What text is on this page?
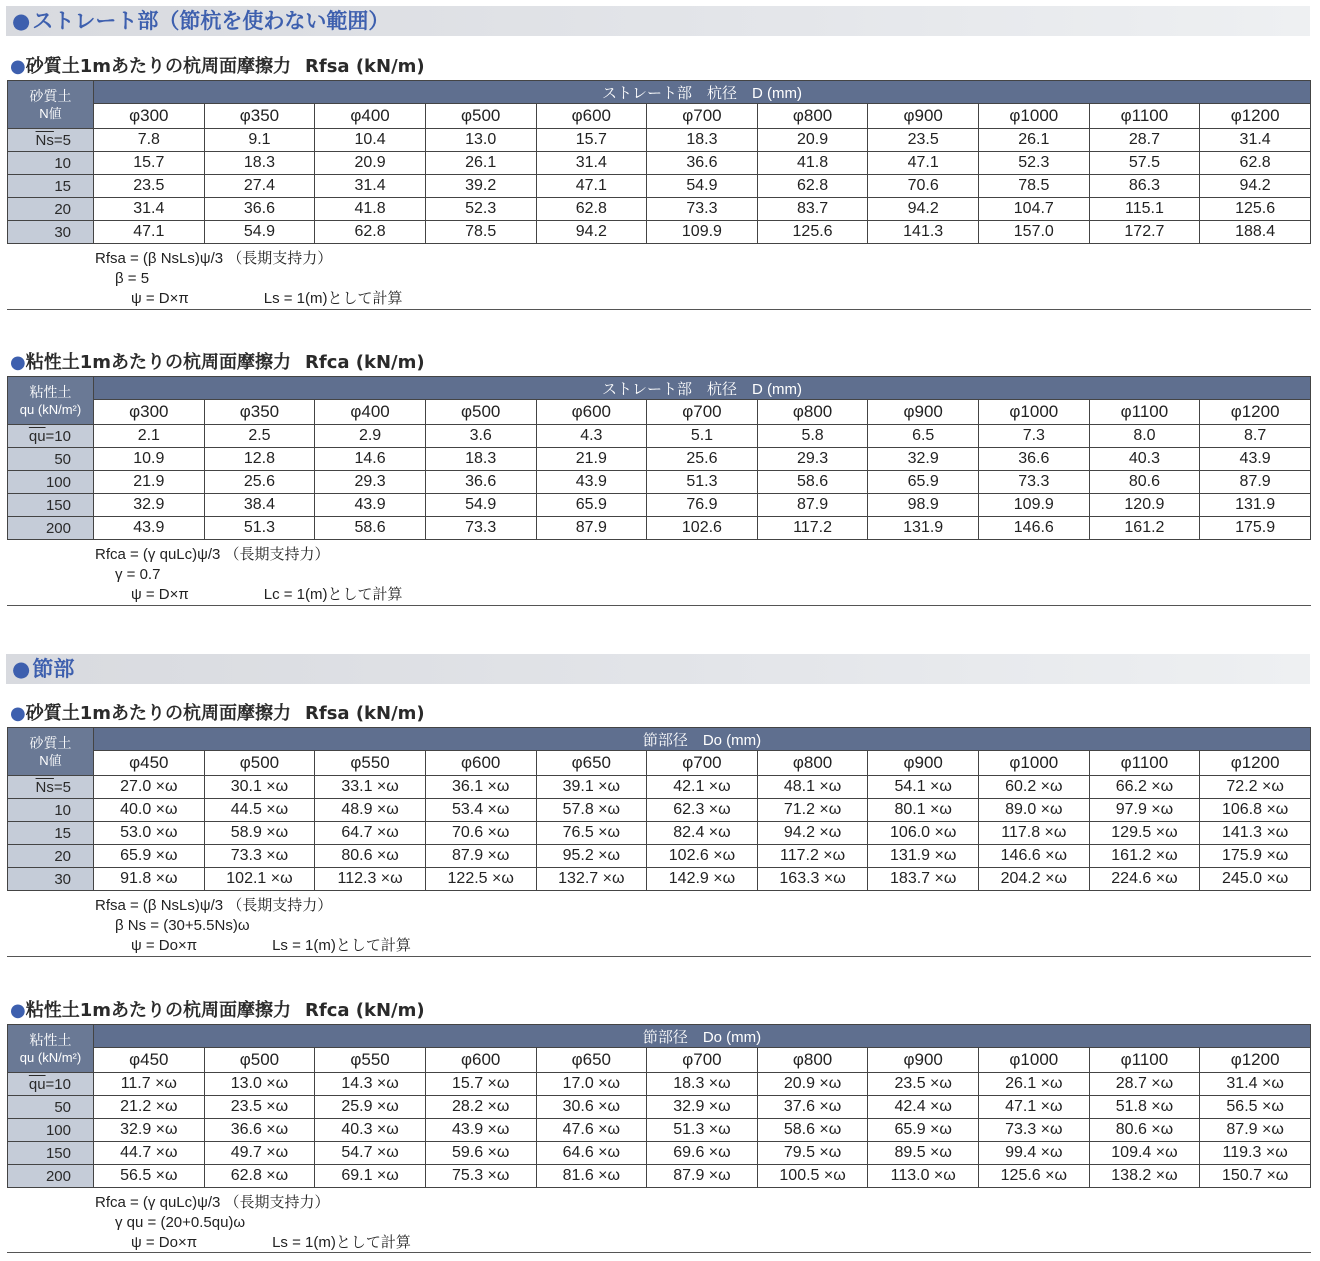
●ストレート部（節杭を使わない範囲）
●節部
●砂質土1mあたりの杭周面摩擦力 Rfsa (kN/m)
砂質土
N値	ストレート部　杭径　D (mm)										
	φ300	φ350	φ400	φ500	φ600	φ700	φ800	φ900	φ1000	φ1100	φ1200
$\overline{Ns}=5$	7.8	9.1	10.4	13.0	15.7	18.3	20.9	23.5	26.1	28.7	31.4
10	15.7	18.3	20.9	26.1	31.4	36.6	41.8	47.1	52.3	57.5	62.8
15	23.5	27.4	31.4	39.2	47.1	54.9	62.8	70.6	78.5	86.3	94.2
20	31.4	36.6	41.8	52.3	62.8	73.3	83.7	94.2	104.7	115.1	125.6
30	47.1	54.9	62.8	78.5	94.2	109.9	125.6	141.3	157.0	172.7	188.4
Rfsa = (β NsLs)ψ/3 （長期支持力）
β = 5
ψ = D×π　　　　　Ls = 1(m)として計算
●粘性土1mあたりの杭周面摩擦力 Rfca (kN/m)
粘性土
qu (kN/m²)	ストレート部　杭径　D (mm)										
	φ300	φ350	φ400	φ500	φ600	φ700	φ800	φ900	φ1000	φ1100	φ1200
$\overline{qu}=10$	2.1	2.5	2.9	3.6	4.3	5.1	5.8	6.5	7.3	8.0	8.7
50	10.9	12.8	14.6	18.3	21.9	25.6	29.3	32.9	36.6	40.3	43.9
100	21.9	25.6	29.3	36.6	43.9	51.3	58.6	65.9	73.3	80.6	87.9
150	32.9	38.4	43.9	54.9	65.9	76.9	87.9	98.9	109.9	120.9	131.9
200	43.9	51.3	58.6	73.3	87.9	102.6	117.2	131.9	146.6	161.2	175.9
Rfca = (γ quLc)ψ/3 （長期支持力）
γ = 0.7
ψ = D×π　　　　　Lc = 1(m)として計算
●砂質土1mあたりの杭周面摩擦力 Rfsa (kN/m)
砂質土
N値	節部径　Do (mm)										
	φ450	φ500	φ550	φ600	φ650	φ700	φ800	φ900	φ1000	φ1100	φ1200
$\overline{Ns}=5$	27.0 ×ω	30.1 ×ω	33.1 ×ω	36.1 ×ω	39.1 ×ω	42.1 ×ω	48.1 ×ω	54.1 ×ω	60.2 ×ω	66.2 ×ω	72.2 ×ω
10	40.0 ×ω	44.5 ×ω	48.9 ×ω	53.4 ×ω	57.8 ×ω	62.3 ×ω	71.2 ×ω	80.1 ×ω	89.0 ×ω	97.9 ×ω	106.8 ×ω
15	53.0 ×ω	58.9 ×ω	64.7 ×ω	70.6 ×ω	76.5 ×ω	82.4 ×ω	94.2 ×ω	106.0 ×ω	117.8 ×ω	129.5 ×ω	141.3 ×ω
20	65.9 ×ω	73.3 ×ω	80.6 ×ω	87.9 ×ω	95.2 ×ω	102.6 ×ω	117.2 ×ω	131.9 ×ω	146.6 ×ω	161.2 ×ω	175.9 ×ω
30	91.8 ×ω	102.1 ×ω	112.3 ×ω	122.5 ×ω	132.7 ×ω	142.9 ×ω	163.3 ×ω	183.7 ×ω	204.2 ×ω	224.6 ×ω	245.0 ×ω
Rfsa = (β NsLs)ψ/3 （長期支持力）
β Ns = (30+5.5Ns)ω
ψ = Do×π　　　　　Ls = 1(m)として計算
●粘性土1mあたりの杭周面摩擦力 Rfca (kN/m)
粘性土
qu (kN/m²)	節部径　Do (mm)										
	φ450	φ500	φ550	φ600	φ650	φ700	φ800	φ900	φ1000	φ1100	φ1200
$\overline{qu}=10$	11.7 ×ω	13.0 ×ω	14.3 ×ω	15.7 ×ω	17.0 ×ω	18.3 ×ω	20.9 ×ω	23.5 ×ω	26.1 ×ω	28.7 ×ω	31.4 ×ω
50	21.2 ×ω	23.5 ×ω	25.9 ×ω	28.2 ×ω	30.6 ×ω	32.9 ×ω	37.6 ×ω	42.4 ×ω	47.1 ×ω	51.8 ×ω	56.5 ×ω
100	32.9 ×ω	36.6 ×ω	40.3 ×ω	43.9 ×ω	47.6 ×ω	51.3 ×ω	58.6 ×ω	65.9 ×ω	73.3 ×ω	80.6 ×ω	87.9 ×ω
150	44.7 ×ω	49.7 ×ω	54.7 ×ω	59.6 ×ω	64.6 ×ω	69.6 ×ω	79.5 ×ω	89.5 ×ω	99.4 ×ω	109.4 ×ω	119.3 ×ω
200	56.5 ×ω	62.8 ×ω	69.1 ×ω	75.3 ×ω	81.6 ×ω	87.9 ×ω	100.5 ×ω	113.0 ×ω	125.6 ×ω	138.2 ×ω	150.7 ×ω
Rfca = (γ quLc)ψ/3 （長期支持力）
γ qu = (20+0.5qu)ω
ψ = Do×π　　　　　Ls = 1(m)として計算
